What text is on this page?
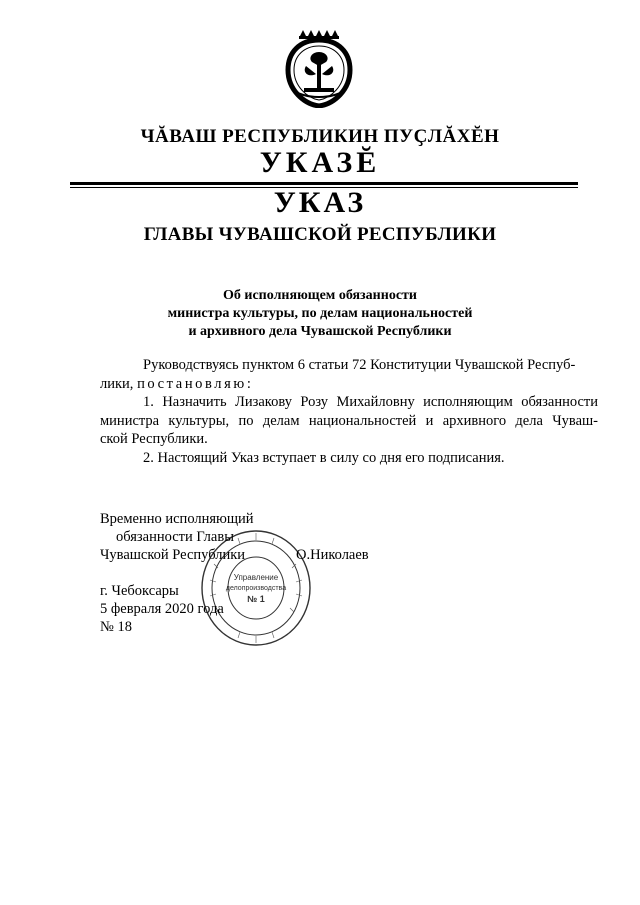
ЧĂВАШ РЕСПУБЛИКИН ПУҪЛĂХĔН
УКАЗĔ
УКАЗ
ГЛАВЫ ЧУВАШСКОЙ РЕСПУБЛИКИ
Об исполняющем обязанности
министра культуры, по делам национальностей
и архивного дела Чувашской Республики
Руководствуясь пунктом 6 статьи 72 Конституции Чувашской Респуб-
лики, постановляю:
1. Назначить Лизакову Розу Михайловну исполняющим обязанности
министра культуры, по делам национальностей и архивного дела Чуваш-
ской Республики.
2. Настоящий Указ вступает в силу со дня его подписания.
Управление
делопроизводства
№ 1
Временно исполняющий
обязанности Главы
Чувашской Республики	О.Николаев
г. Чебоксары
5 февраля 2020 года
№ 18
